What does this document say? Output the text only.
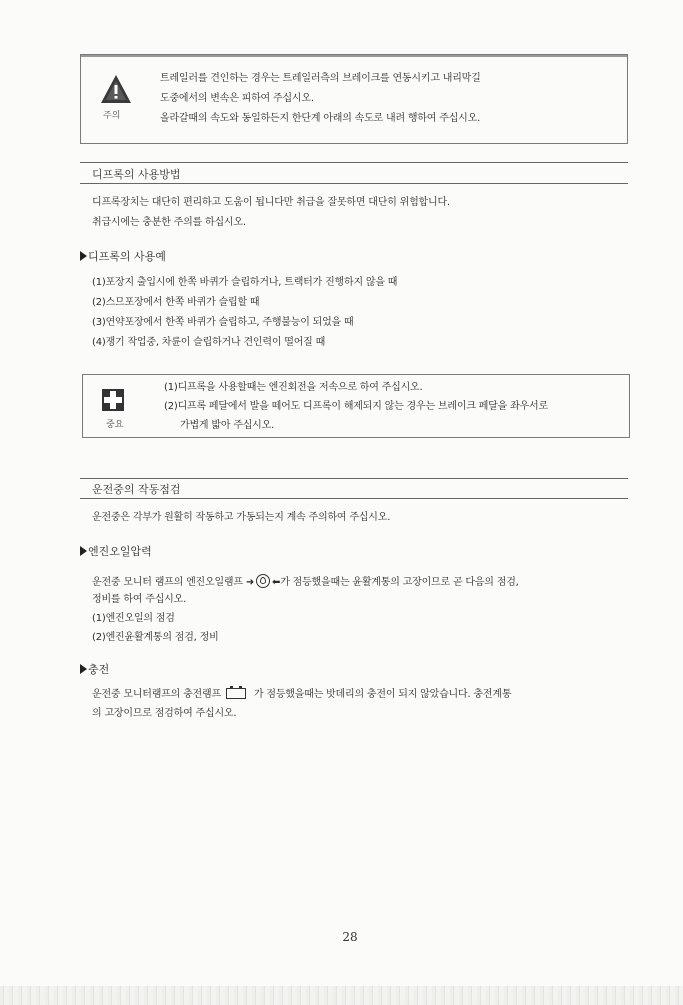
주의
트레일러를 견인하는 경우는 트레일러측의 브레이크를 연동시키고 내리막길
도중에서의 변속은 피하여 주십시오.
올라갈때의 속도와 동일하든지 한단계 아래의 속도로 내려 행하여 주십시오.
디프록의 사용방법
디프록장치는 대단히 편리하고 도움이 됩니다만 취급을 잘못하면 대단히 위험합니다.
취급시에는 충분한 주의를 하십시오.
디프록의 사용예
(1)포장지 출입시에 한쪽 바퀴가 슬립하거나, 트랙터가 진행하지 않을 때
(2)스므포장에서 한쪽 바퀴가 슬립할 때
(3)연약포장에서 한쪽 바퀴가 슬립하고, 주행불능이 되었을 때
(4)쟁기 작업중, 차륜이 슬립하거나 견인력이 떨어질 때
중요
(1)디프록을 사용할때는 엔진회전을 저속으로 하여 주십시오.
(2)디프록 페달에서 발을 떼어도 디프록이 해제되지 않는 경우는 브레이크 페달을 좌우서로
가볍게 밟아 주십시오.
운전중의 작동점검
운전중은 각부가 원활히 작동하고 가동되는지 계속 주의하여 주십시오.
엔진오일압력
운전중 모니터 램프의 엔진오일램프 ➜ ⬅가 점등했을때는 윤활계통의 고장이므로 곧 다음의 점검,
정비를 하여 주십시오.
(1)엔진오일의 점검
(2)엔진윤활계통의 점검, 정비
충전
운전중 모니터램프의 충전램프	가 점등했을때는 밧데리의 충전이 되지 않았습니다. 충전계통
의 고장이므로 점검하여 주십시오.
28
